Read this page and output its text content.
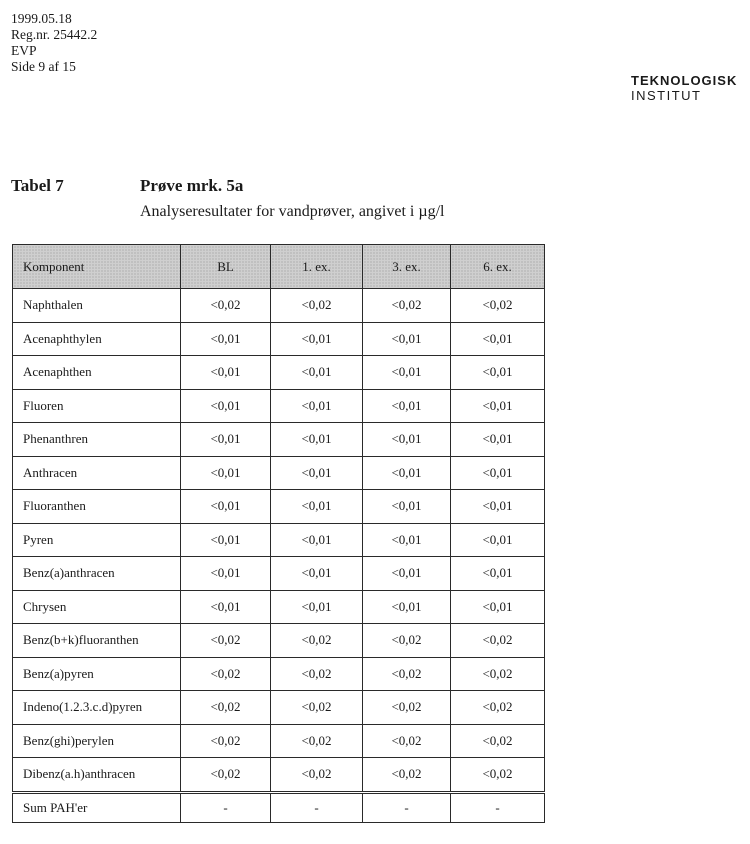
1999.05.18
Reg.nr. 25442.2
EVP
Side 9 af 15
TEKNOLOGISK
INSTITUT
Tabel 7	Prøve mrk. 5a
Analyseresultater for vandprøver, angivet i µg/l
Komponent	BL	1. ex.	3. ex.	6. ex.
Naphthalen	<0,02	<0,02	<0,02	<0,02
Acenaphthylen	<0,01	<0,01	<0,01	<0,01
Acenaphthen	<0,01	<0,01	<0,01	<0,01
Fluoren	<0,01	<0,01	<0,01	<0,01
Phenanthren	<0,01	<0,01	<0,01	<0,01
Anthracen	<0,01	<0,01	<0,01	<0,01
Fluoranthen	<0,01	<0,01	<0,01	<0,01
Pyren	<0,01	<0,01	<0,01	<0,01
Benz(a)anthracen	<0,01	<0,01	<0,01	<0,01
Chrysen	<0,01	<0,01	<0,01	<0,01
Benz(b+k)fluoranthen	<0,02	<0,02	<0,02	<0,02
Benz(a)pyren	<0,02	<0,02	<0,02	<0,02
Indeno(1.2.3.c.d)pyren	<0,02	<0,02	<0,02	<0,02
Benz(ghi)perylen	<0,02	<0,02	<0,02	<0,02
Dibenz(a.h)anthracen	<0,02	<0,02	<0,02	<0,02
Sum PAH'er	-	-	-	-
